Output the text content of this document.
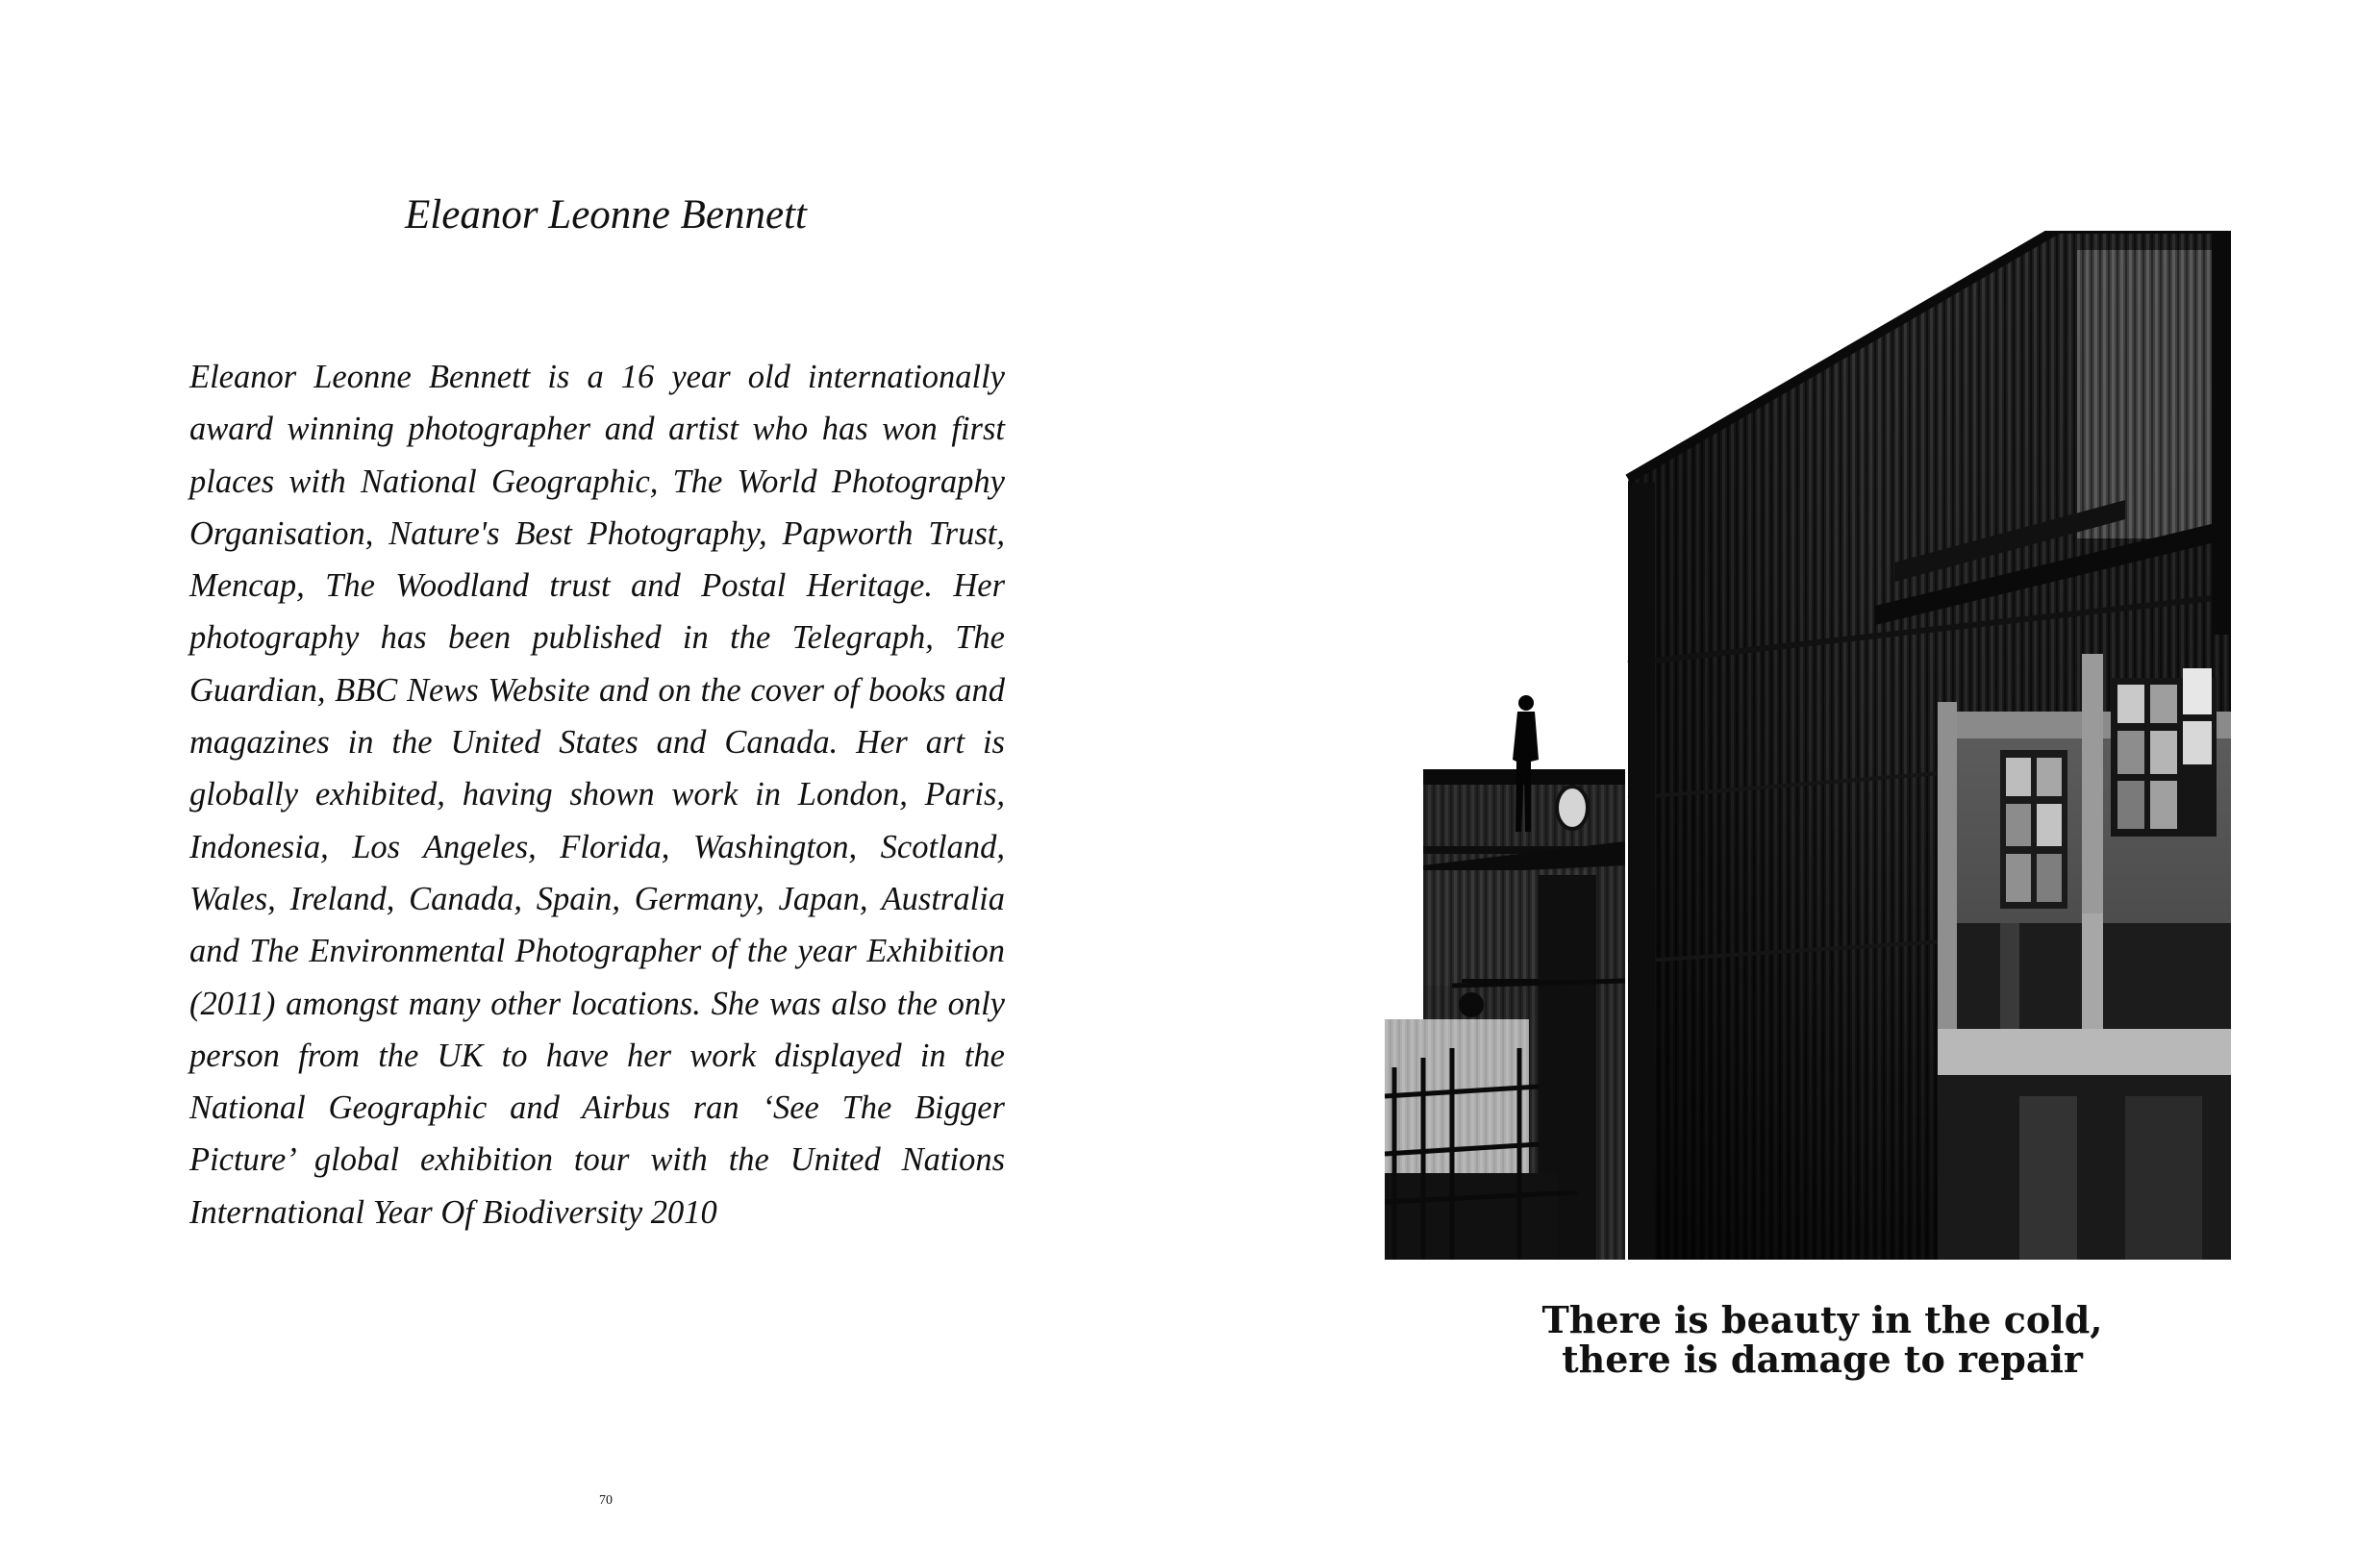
Eleanor Leonne Bennett

Eleanor Leonne Bennett is a 16 year old internationally award winning photographer and artist who has won first places with National Geographic, The World Photography Organisation, Nature's Best Photography, Papworth Trust, Mencap, The Woodland trust and Postal Heritage. Her photography has been published in the Telegraph, The Guardian, BBC News Website and on the cover of books and magazines in the United States and Canada. Her art is globally exhibited, having shown work in London, Paris, Indonesia, Los Angeles, Florida, Washington, Scotland, Wales, Ireland, Canada, Spain, Germany, Japan, Australia and The Environmental Photographer of the year Exhibition (2011) amongst many other locations. She was also the only person from the UK to have her work displayed in the National Geographic and Airbus ran ‘See The Bigger Picture’ global exhibition tour with the United Nations International Year Of Biodiversity 2010

70

There is beauty in the cold,
there is damage to repair
